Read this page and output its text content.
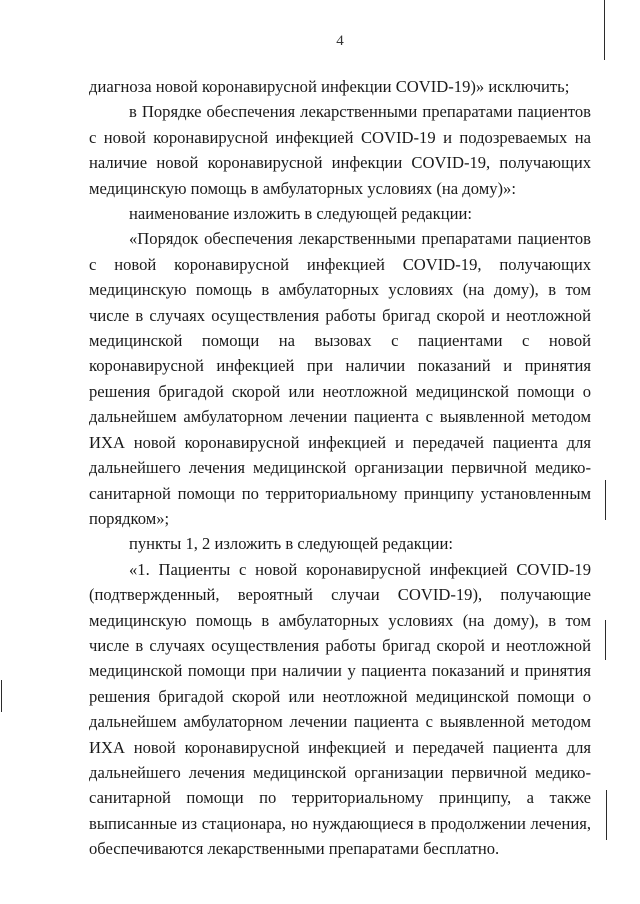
4

диагноза новой коронавирусной инфекции COVID-19)» исключить;

в Порядке обеспечения лекарственными препаратами пациентов с новой коронавирусной инфекцией COVID-19 и подозреваемых на наличие новой коронавирусной инфекции COVID-19, получающих медицинскую помощь в амбулаторных условиях (на дому)»:

наименование изложить в следующей редакции:

«Порядок обеспечения лекарственными препаратами пациентов с новой коронавирусной инфекцией COVID-19, получающих медицинскую помощь в амбулаторных условиях (на дому), в том числе в случаях осуществления работы бригад скорой и неотложной медицинской помощи на вызовах с пациентами с новой коронавирусной инфекцией при наличии показаний и принятия решения бригадой скорой или неотложной медицинской помощи о дальнейшем амбулаторном лечении пациента с выявленной методом ИХА новой коронавирусной инфекцией и передачей пациента для дальнейшего лечения медицинской организации первичной медико-санитарной помощи по территориальному принципу установленным порядком»;

пункты 1, 2 изложить в следующей редакции:

«1. Пациенты с новой коронавирусной инфекцией COVID-19 (подтвержденный, вероятный случаи COVID-19), получающие медицинскую помощь в амбулаторных условиях (на дому), в том числе в случаях осуществления работы бригад скорой и неотложной медицинской помощи при наличии у пациента показаний и принятия решения бригадой скорой или неотложной медицинской помощи о дальнейшем амбулаторном лечении пациента с выявленной методом ИХА новой коронавирусной инфекцией и передачей пациента для дальнейшего лечения медицинской организации первичной медико-санитарной помощи по территориальному принципу, а также выписанные из стационара, но нуждающиеся в продолжении лечения, обеспечиваются лекарственными препаратами бесплатно.
